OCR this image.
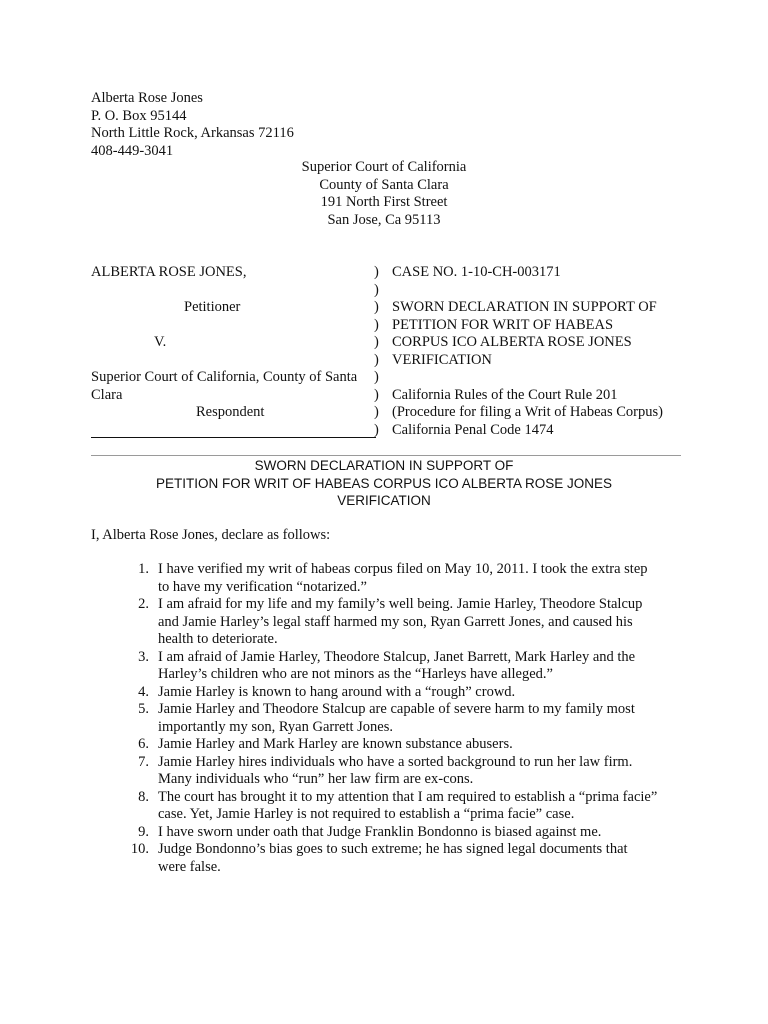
Alberta Rose Jones
P. O. Box 95144
North Little Rock, Arkansas 72116
408-449-3041
Superior Court of California
County of Santa Clara
191 North First Street
San Jose, Ca 95113
ALBERTA ROSE JONES,
Petitioner
V.
Superior Court of California, County of Santa
Clara
Respondent
)
)
)
)
)
)
)
)
)
)
CASE NO. 1-10-CH-003171
SWORN DECLARATION IN SUPPORT OF
PETITION FOR WRIT OF HABEAS
CORPUS ICO ALBERTA ROSE JONES
VERIFICATION
California Rules of the Court Rule 201
(Procedure for filing a Writ of Habeas Corpus)
California Penal Code 1474
SWORN DECLARATION IN SUPPORT OF
PETITION FOR WRIT OF HABEAS CORPUS ICO ALBERTA ROSE JONES
VERIFICATION
I, Alberta Rose Jones, declare as follows:
1. I have verified my writ of habeas corpus filed on May 10, 2011. I took the extra step
to have my verification “notarized.”
2. I am afraid for my life and my family’s well being. Jamie Harley, Theodore Stalcup
and Jamie Harley’s legal staff harmed my son, Ryan Garrett Jones, and caused his
health to deteriorate.
3. I am afraid of Jamie Harley, Theodore Stalcup, Janet Barrett, Mark Harley and the
Harley’s children who are not minors as the “Harleys have alleged.”
4. Jamie Harley is known to hang around with a “rough” crowd.
5. Jamie Harley and Theodore Stalcup are capable of severe harm to my family most
importantly my son, Ryan Garrett Jones.
6. Jamie Harley and Mark Harley are known substance abusers.
7. Jamie Harley hires individuals who have a sorted background to run her law firm.
Many individuals who “run” her law firm are ex-cons.
8. The court has brought it to my attention that I am required to establish a “prima facie”
case. Yet, Jamie Harley is not required to establish a “prima facie” case.
9. I have sworn under oath that Judge Franklin Bondonno is biased against me.
10. Judge Bondonno’s bias goes to such extreme; he has signed legal documents that
were false.
